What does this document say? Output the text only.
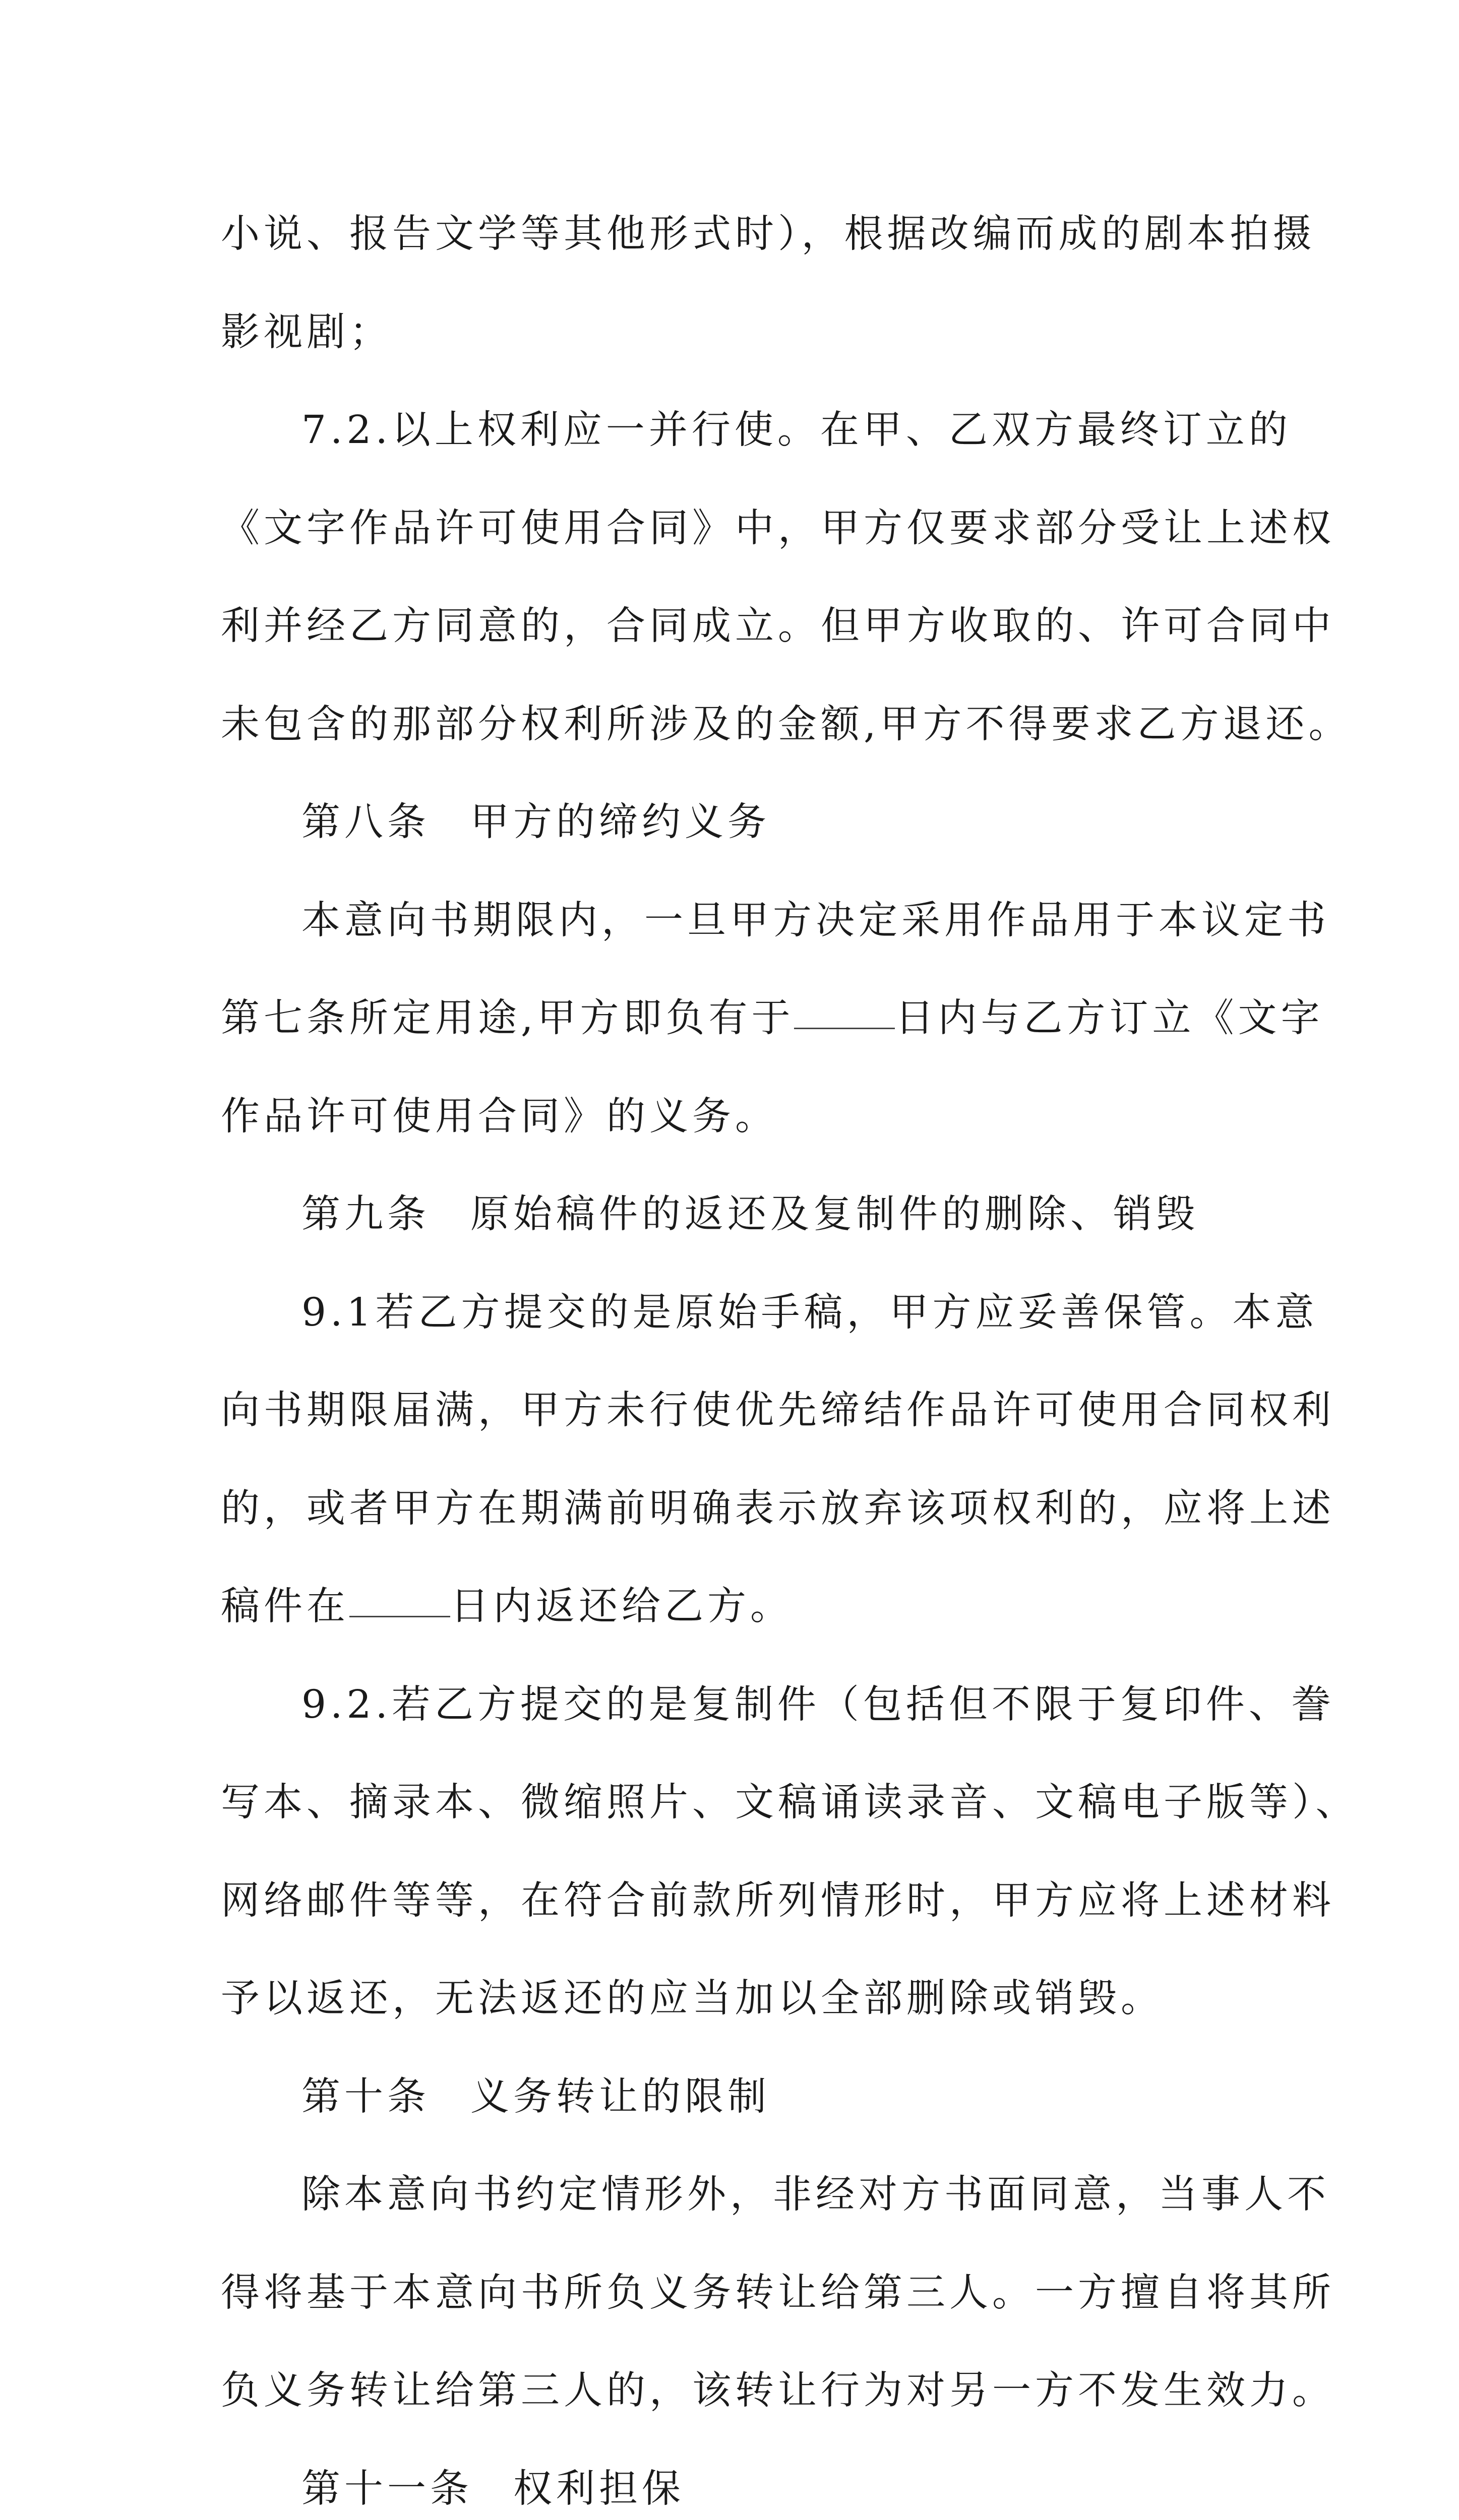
小说、报告文学等其他形式时），根据改编而成的剧本拍摄
影视剧；
7.2.以上权利应一并行使。在甲、乙双方最终订立的
《文字作品许可使用合同》中，甲方仅要求部分受让上述权
利并经乙方同意的，合同成立。但甲方收取的、许可合同中
未包含的那部分权利所涉及的金额,甲方不得要求乙方退还。
第八条 甲方的缔约义务
本意向书期限内，一旦甲方决定采用作品用于本议定书
第七条所定用途,甲方即负有于	日内与乙方订立《文字
作品许可使用合同》的义务。
第九条 原始稿件的返还及复制件的删除、销毁
9.1若乙方提交的是原始手稿，甲方应妥善保管。本意
向书期限届满，甲方未行使优先缔结作品许可使用合同权利
的，或者甲方在期满前明确表示放弃该项权利的，应将上述
稿件在	日内返还给乙方。
9.2.若乙方提交的是复制件（包括但不限于复印件、誊
写本、摘录本、微缩照片、文稿诵读录音、文稿电子版等）、
网络邮件等等，在符合前款所列情形时，甲方应将上述材料
予以返还，无法返还的应当加以全部删除或销毁。
第十条 义务转让的限制
除本意向书约定情形外，非经对方书面同意，当事人不
得将基于本意向书所负义务转让给第三人。一方擅自将其所
负义务转让给第三人的，该转让行为对另一方不发生效力。
第十一条 权利担保
